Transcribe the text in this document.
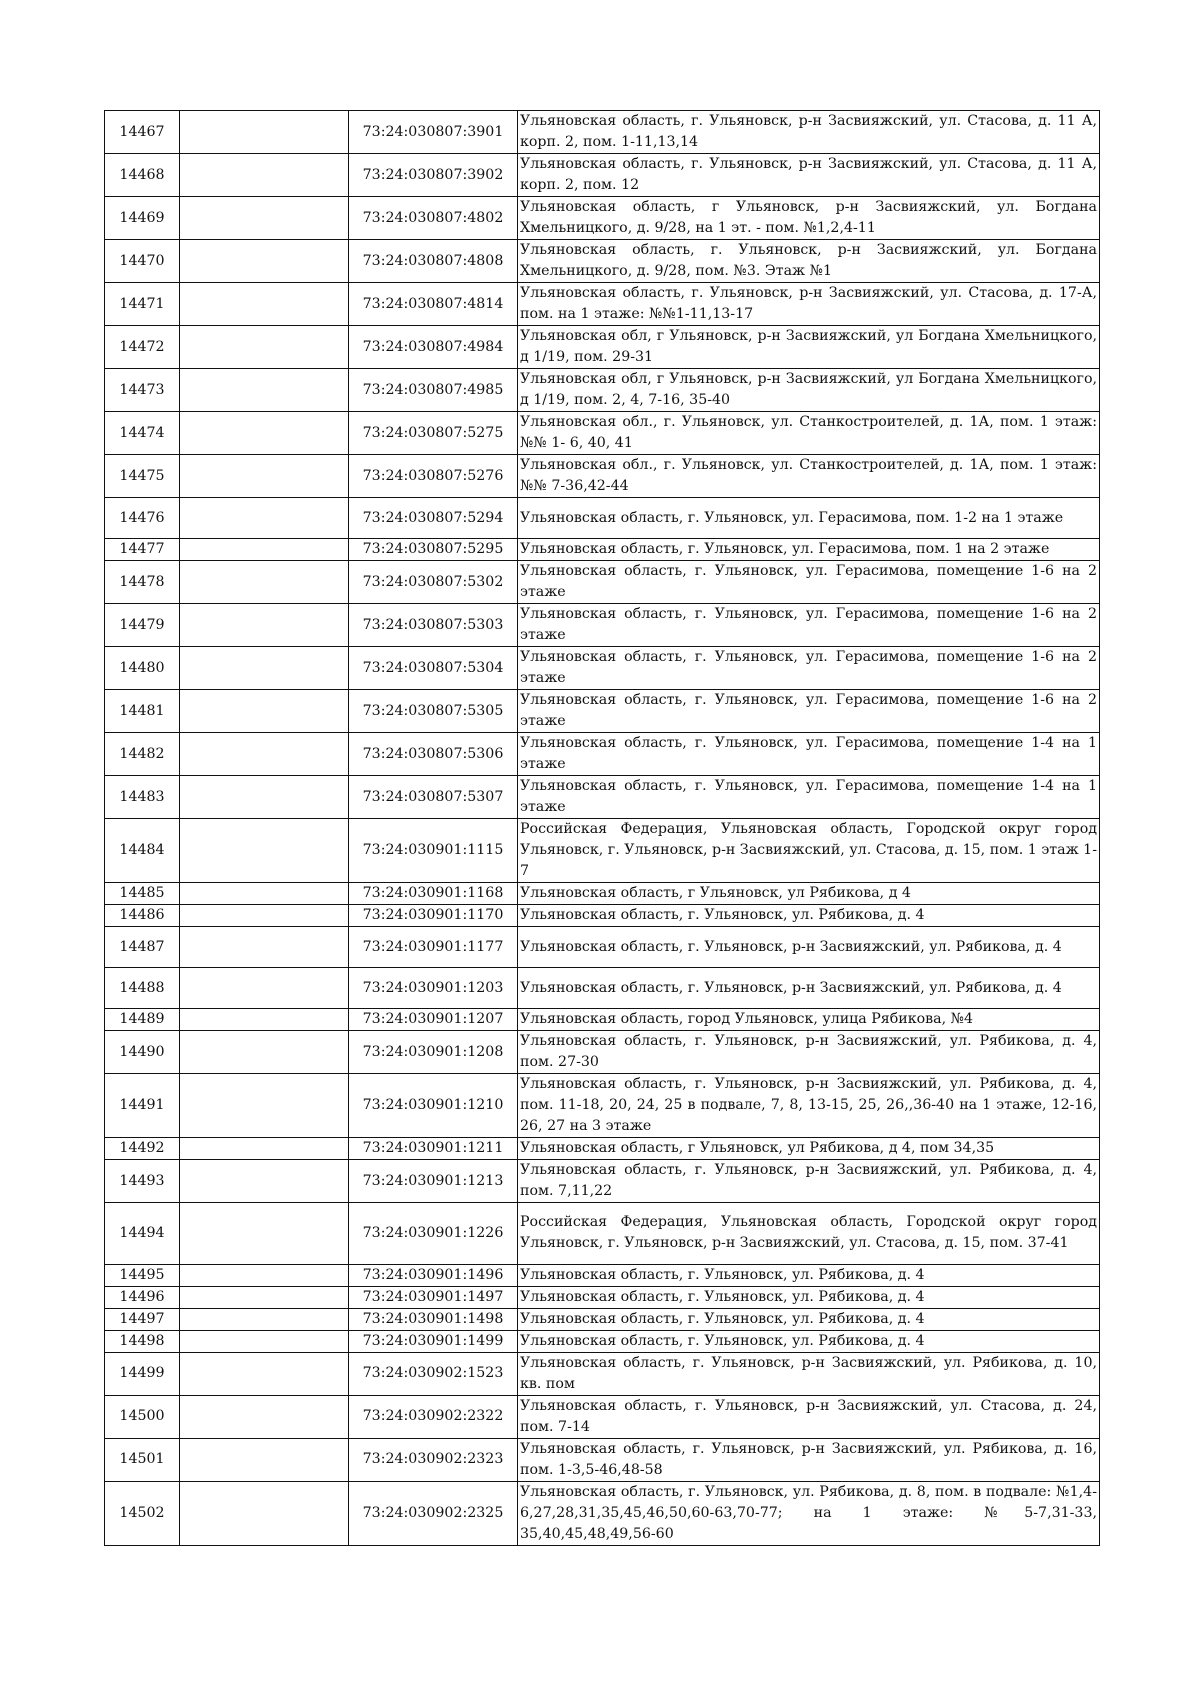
14467		73:24:030807:3901	Ульяновская область, г. Ульяновск, р-н Засвияжский, ул. Стасова, д. 11 А, корп. 2, пом. 1-11,13,14
14468		73:24:030807:3902	Ульяновская область, г. Ульяновск, р-н Засвияжский, ул. Стасова, д. 11 А, корп. 2, пом. 12
14469		73:24:030807:4802	Ульяновская область, г Ульяновск, р-н Засвияжский, ул. Богдана Хмельницкого, д. 9/28, на 1 эт. - пом. №1,2,4-11
14470		73:24:030807:4808	Ульяновская область, г. Ульяновск, р-н Засвияжский, ул. Богдана Хмельницкого, д. 9/28, пом. №3. Этаж №1
14471		73:24:030807:4814	Ульяновская область, г. Ульяновск, р-н Засвияжский, ул. Стасова, д. 17-А, пом. на 1 этаже: №№1-11,13-17
14472		73:24:030807:4984	Ульяновская обл, г Ульяновск, р-н Засвияжский, ул Богдана Хмельницкого, д 1/19, пом. 29-31
14473		73:24:030807:4985	Ульяновская обл, г Ульяновск, р-н Засвияжский, ул Богдана Хмельницкого, д 1/19, пом. 2, 4, 7-16, 35-40
14474		73:24:030807:5275	Ульяновская обл., г. Ульяновск, ул. Станкостроителей, д. 1А, пом. 1 этаж: №№ 1- 6, 40, 41
14475		73:24:030807:5276	Ульяновская обл., г. Ульяновск, ул. Станкостроителей, д. 1А, пом. 1 этаж: №№ 7-36,42-44
14476		73:24:030807:5294	Ульяновская область, г. Ульяновск, ул. Герасимова, пом. 1-2 на 1 этаже
14477		73:24:030807:5295	Ульяновская область, г. Ульяновск, ул. Герасимова, пом. 1 на 2 этаже
14478		73:24:030807:5302	Ульяновская область, г. Ульяновск, ул. Герасимова, помещение 1-6 на 2 этаже
14479		73:24:030807:5303	Ульяновская область, г. Ульяновск, ул. Герасимова, помещение 1-6 на 2 этаже
14480		73:24:030807:5304	Ульяновская область, г. Ульяновск, ул. Герасимова, помещение 1-6 на 2 этаже
14481		73:24:030807:5305	Ульяновская область, г. Ульяновск, ул. Герасимова, помещение 1-6 на 2 этаже
14482		73:24:030807:5306	Ульяновская область, г. Ульяновск, ул. Герасимова, помещение 1-4 на 1 этаже
14483		73:24:030807:5307	Ульяновская область, г. Ульяновск, ул. Герасимова, помещение 1-4 на 1 этаже
14484		73:24:030901:1115	Российская Федерация, Ульяновская область, Городской округ город Ульяновск, г. Ульяновск, р-н Засвияжский, ул. Стасова, д. 15, пом. 1 этаж 1-7
14485		73:24:030901:1168	Ульяновская область, г Ульяновск, ул Рябикова, д 4
14486		73:24:030901:1170	Ульяновская область, г. Ульяновск, ул. Рябикова, д. 4
14487		73:24:030901:1177	Ульяновская область, г. Ульяновск, р-н Засвияжский, ул. Рябикова, д. 4
14488		73:24:030901:1203	Ульяновская область, г. Ульяновск, р-н Засвияжский, ул. Рябикова, д. 4
14489		73:24:030901:1207	Ульяновская область, город Ульяновск, улица Рябикова, №4
14490		73:24:030901:1208	Ульяновская область, г. Ульяновск, р-н Засвияжский, ул. Рябикова, д. 4, пом. 27-30
14491		73:24:030901:1210	Ульяновская область, г. Ульяновск, р-н Засвияжский, ул. Рябикова, д. 4, пом. 11-18, 20, 24, 25 в подвале, 7, 8, 13-15, 25, 26,,36-40 на 1 этаже, 12-16, 26, 27 на 3 этаже
14492		73:24:030901:1211	Ульяновская область, г Ульяновск, ул Рябикова, д 4, пом 34,35
14493		73:24:030901:1213	Ульяновская область, г. Ульяновск, р-н Засвияжский, ул. Рябикова, д. 4, пом. 7,11,22
14494		73:24:030901:1226	Российская Федерация, Ульяновская область, Городской округ город Ульяновск, г. Ульяновск, р-н Засвияжский, ул. Стасова, д. 15, пом. 37-41
14495		73:24:030901:1496	Ульяновская область, г. Ульяновск, ул. Рябикова, д. 4
14496		73:24:030901:1497	Ульяновская область, г. Ульяновск, ул. Рябикова, д. 4
14497		73:24:030901:1498	Ульяновская область, г. Ульяновск, ул. Рябикова, д. 4
14498		73:24:030901:1499	Ульяновская область, г. Ульяновск, ул. Рябикова, д. 4
14499		73:24:030902:1523	Ульяновская область, г. Ульяновск, р-н Засвияжский, ул. Рябикова, д. 10, кв. пом
14500		73:24:030902:2322	Ульяновская область, г. Ульяновск, р-н Засвияжский, ул. Стасова, д. 24, пом. 7-14
14501		73:24:030902:2323	Ульяновская область, г. Ульяновск, р-н Засвияжский, ул. Рябикова, д. 16, пом. 1-3,5-46,48-58
14502		73:24:030902:2325	Ульяновская область, г. Ульяновск, ул. Рябикова, д. 8, пом. в подвале: №1,4-6,27,28,31,35,45,46,50,60-63,70-77; на 1 этаже: №5-7,31-33, 35,40,45,48,49,56-60
